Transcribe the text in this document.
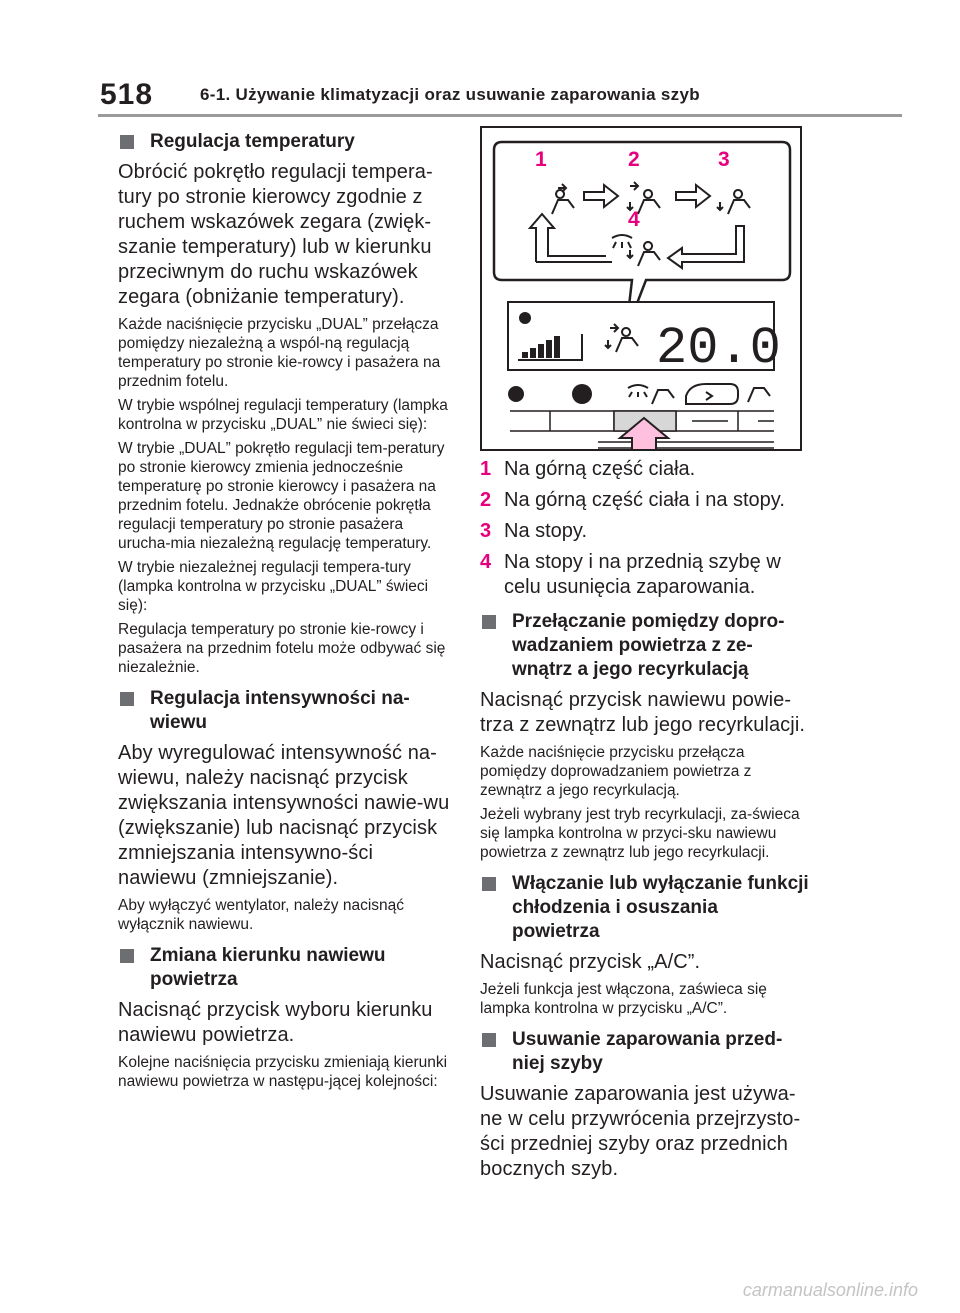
518	6-1. Używanie klimatyzacji oraz usuwanie zaparowania szyb
Regulacja temperatury
Obrócić pokrętło regulacji tempera-tury po stronie kierowcy zgodnie z ruchem wskazówek zegara (zwięk-szanie temperatury) lub w kierunku przeciwnym do ruchu wskazówek zegara (obniżanie temperatury).
Każde naciśnięcie przycisku „DUAL” przełącza pomiędzy niezależną a wspól-ną regulacją temperatury po stronie kie-rowcy i pasażera na przednim fotelu.
W trybie wspólnej regulacji temperatury (lampka kontrolna w przycisku „DUAL” nie świeci się):
W trybie „DUAL” pokrętło regulacji tem-peratury po stronie kierowcy zmienia jednocześnie temperaturę po stronie kierowcy i pasażera na przednim fotelu. Jednakże obrócenie pokrętła regulacji temperatury po stronie pasażera urucha-mia niezależną regulację temperatury.
W trybie niezależnej regulacji tempera-tury (lampka kontrolna w przycisku „DUAL” świeci się):
Regulacja temperatury po stronie kie-rowcy i pasażera na przednim fotelu może odbywać się niezależnie.
Regulacja intensywności na-wiewu
Aby wyregulować intensywność na-wiewu, należy nacisnąć przycisk zwiększania intensywności nawie-wu (zwiększanie) lub nacisnąć przycisk zmniejszania intensywno-ści nawiewu (zmniejszanie).
Aby wyłączyć wentylator, należy nacisnąć wyłącznik nawiewu.
Zmiana kierunku nawiewu powietrza
Nacisnąć przycisk wyboru kierunku nawiewu powietrza.
Kolejne naciśnięcia przycisku zmieniają kierunki nawiewu powietrza w następu-jącej kolejności:
20.0
1	2	3
4
1 Na górną część ciała.
2 Na górną część ciała i na stopy.
3 Na stopy.
4 Na stopy i na przednią szybę w celu usunięcia zaparowania.
Przełączanie pomiędzy dopro-wadzaniem powietrza z ze-wnątrz a jego recyrkulacją
Nacisnąć przycisk nawiewu powie-trza z zewnątrz lub jego recyrkulacji.
Każde naciśnięcie przycisku przełącza pomiędzy doprowadzaniem powietrza z zewnątrz a jego recyrkulacją.
Jeżeli wybrany jest tryb recyrkulacji, za-świeca się lampka kontrolna w przyci-sku nawiewu powietrza z zewnątrz lub jego recyrkulacji.
Włączanie lub wyłączanie funkcji chłodzenia i osuszania powietrza
Nacisnąć przycisk „A/C”.
Jeżeli funkcja jest włączona, zaświeca się lampka kontrolna w przycisku „A/C”.
Usuwanie zaparowania przed-niej szyby
Usuwanie zaparowania jest używa-ne w celu przywrócenia przejrzysto-ści przedniej szyby oraz przednich bocznych szyb.
carmanualsonline.info
